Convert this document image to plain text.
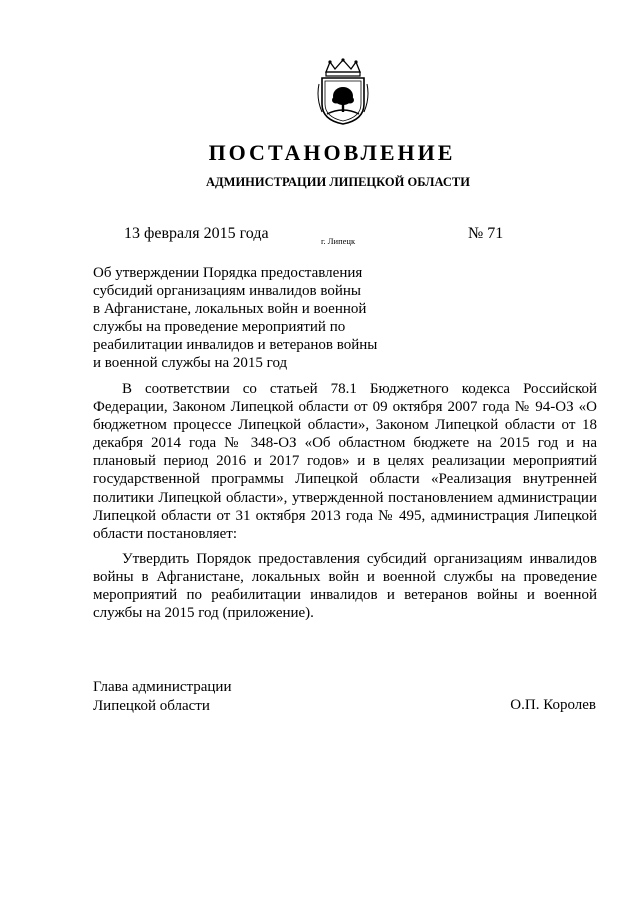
ПОСТАНОВЛЕНИЕ
АДМИНИСТРАЦИИ ЛИПЕЦКОЙ ОБЛАСТИ
13 февраля 2015 года	г. Липецк	№ 71
Об утверждении Порядка предоставления
субсидий организациям инвалидов войны
в Афганистане, локальных войн и военной
службы на проведение мероприятий по
реабилитации инвалидов и ветеранов войны
и военной службы на 2015 год
В соответствии со статьей 78.1 Бюджетного кодекса Российской Федерации, Законом Липецкой области от 09 октября 2007 года № 94-ОЗ «О бюджетном процессе Липецкой области», Законом Липецкой области от 18 декабря 2014 года № 348-ОЗ «Об областном бюджете на 2015 год и на плановый период 2016 и 2017 годов» и в целях реализации мероприятий государственной программы Липецкой области «Реализация внутренней политики Липецкой области», утвержденной постановлением администрации Липецкой области от 31 октября 2013 года № 495, администрация Липецкой области постановляет:
Утвердить Порядок предоставления субсидий организациям инвалидов войны в Афганистане, локальных войн и военной службы на проведение мероприятий по реабилитации инвалидов и ветеранов войны и военной службы на 2015 год (приложение).
Глава администрации
Липецкой области	О.П. Королев
